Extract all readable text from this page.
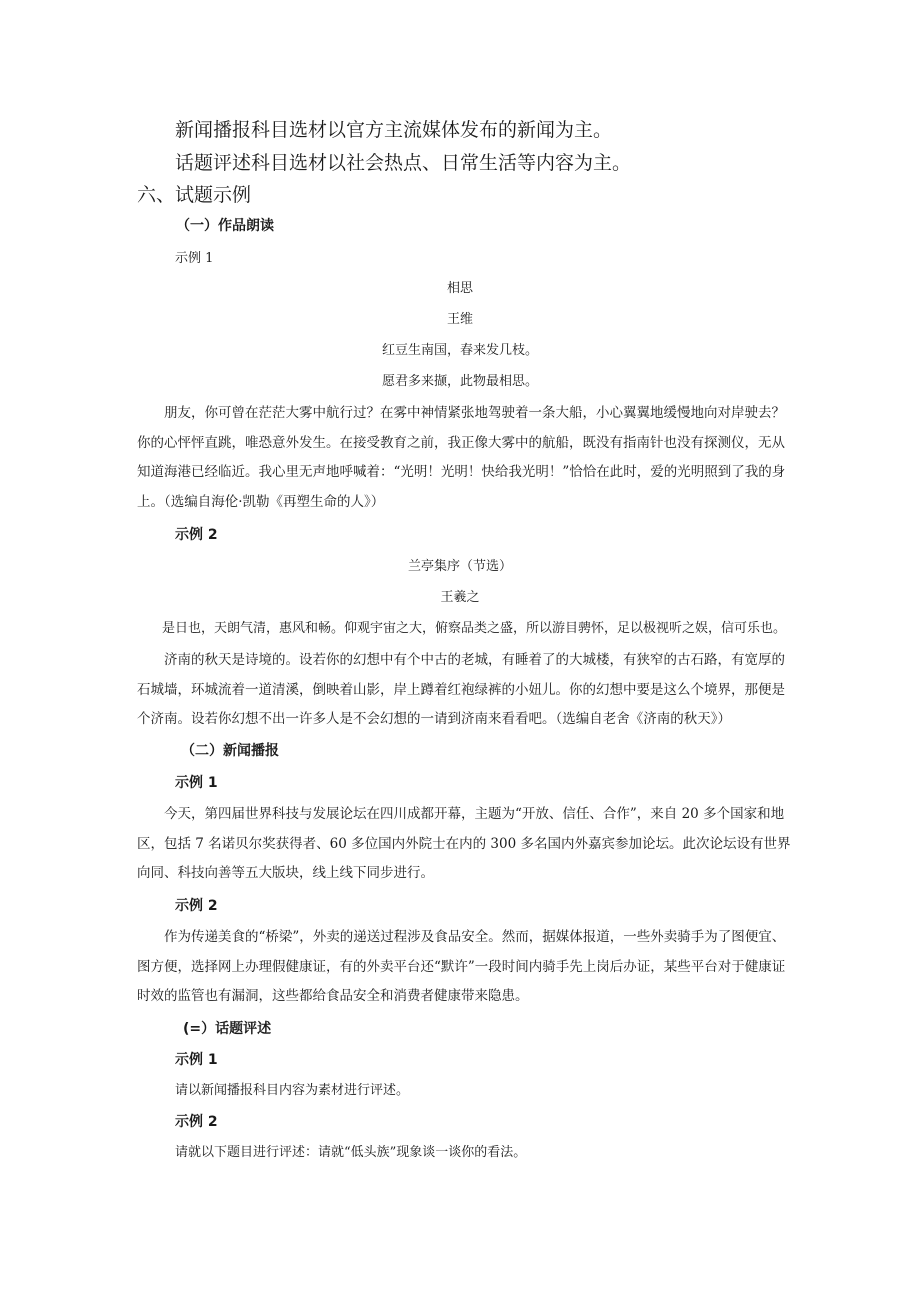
新闻播报科目选材以官方主流媒体发布的新闻为主。
话题评述科目选材以社会热点、日常生活等内容为主。
六、试题示例
（一）作品朗读
示例 1
相思
王维
红豆生南国，春来发几枝。
愿君多来撷，此物最相思。

朋友，你可曾在茫茫大雾中航行过？在雾中神情紧张地驾驶着一条大船，小心翼翼地缓慢地向对岸驶去？你的心怦怦直跳，唯恐意外发生。在接受教育之前，我正像大雾中的航船，既没有指南针也没有探测仪，无从知道海港已经临近。我心里无声地呼喊着：“光明！光明！快给我光明！”恰恰在此时，爱的光明照到了我的身上。（选编自海伦·凯勒《再塑生命的人》）

示例 2
兰亭集序（节选）
王羲之
是日也，天朗气清，惠风和畅。仰观宇宙之大，俯察品类之盛，所以游目骋怀，足以极视听之娱，信可乐也。

济南的秋天是诗境的。设若你的幻想中有个中古的老城，有睡着了的大城楼，有狭窄的古石路，有宽厚的石城墙，环城流着一道清溪，倒映着山影，岸上蹲着红袍绿裤的小妞儿。你的幻想中要是这么个境界，那便是个济南。设若你幻想不出一许多人是不会幻想的一请到济南来看看吧。（选编自老舍《济南的秋天》）

（二）新闻播报
示例 1

今天，第四届世界科技与发展论坛在四川成都开幕，主题为“开放、信任、合作”，来自 20 多个国家和地区，包括 7 名诺贝尔奖获得者、60 多位国内外院士在内的 300 多名国内外嘉宾参加论坛。此次论坛设有世界向同、科技向善等五大版块，线上线下同步进行。

示例 2

作为传递美食的“桥梁”，外卖的递送过程涉及食品安全。然而，据媒体报道，一些外卖骑手为了图便宜、图方便，选择网上办理假健康证，有的外卖平台还“默许”一段时间内骑手先上岗后办证，某些平台对于健康证时效的监管也有漏洞，这些都给食品安全和消费者健康带来隐患。

(=）话题评述
示例 1
请以新闻播报科目内容为素材进行评述。
示例 2
请就以下题目进行评述：请就“低头族”现象谈一谈你的看法。
